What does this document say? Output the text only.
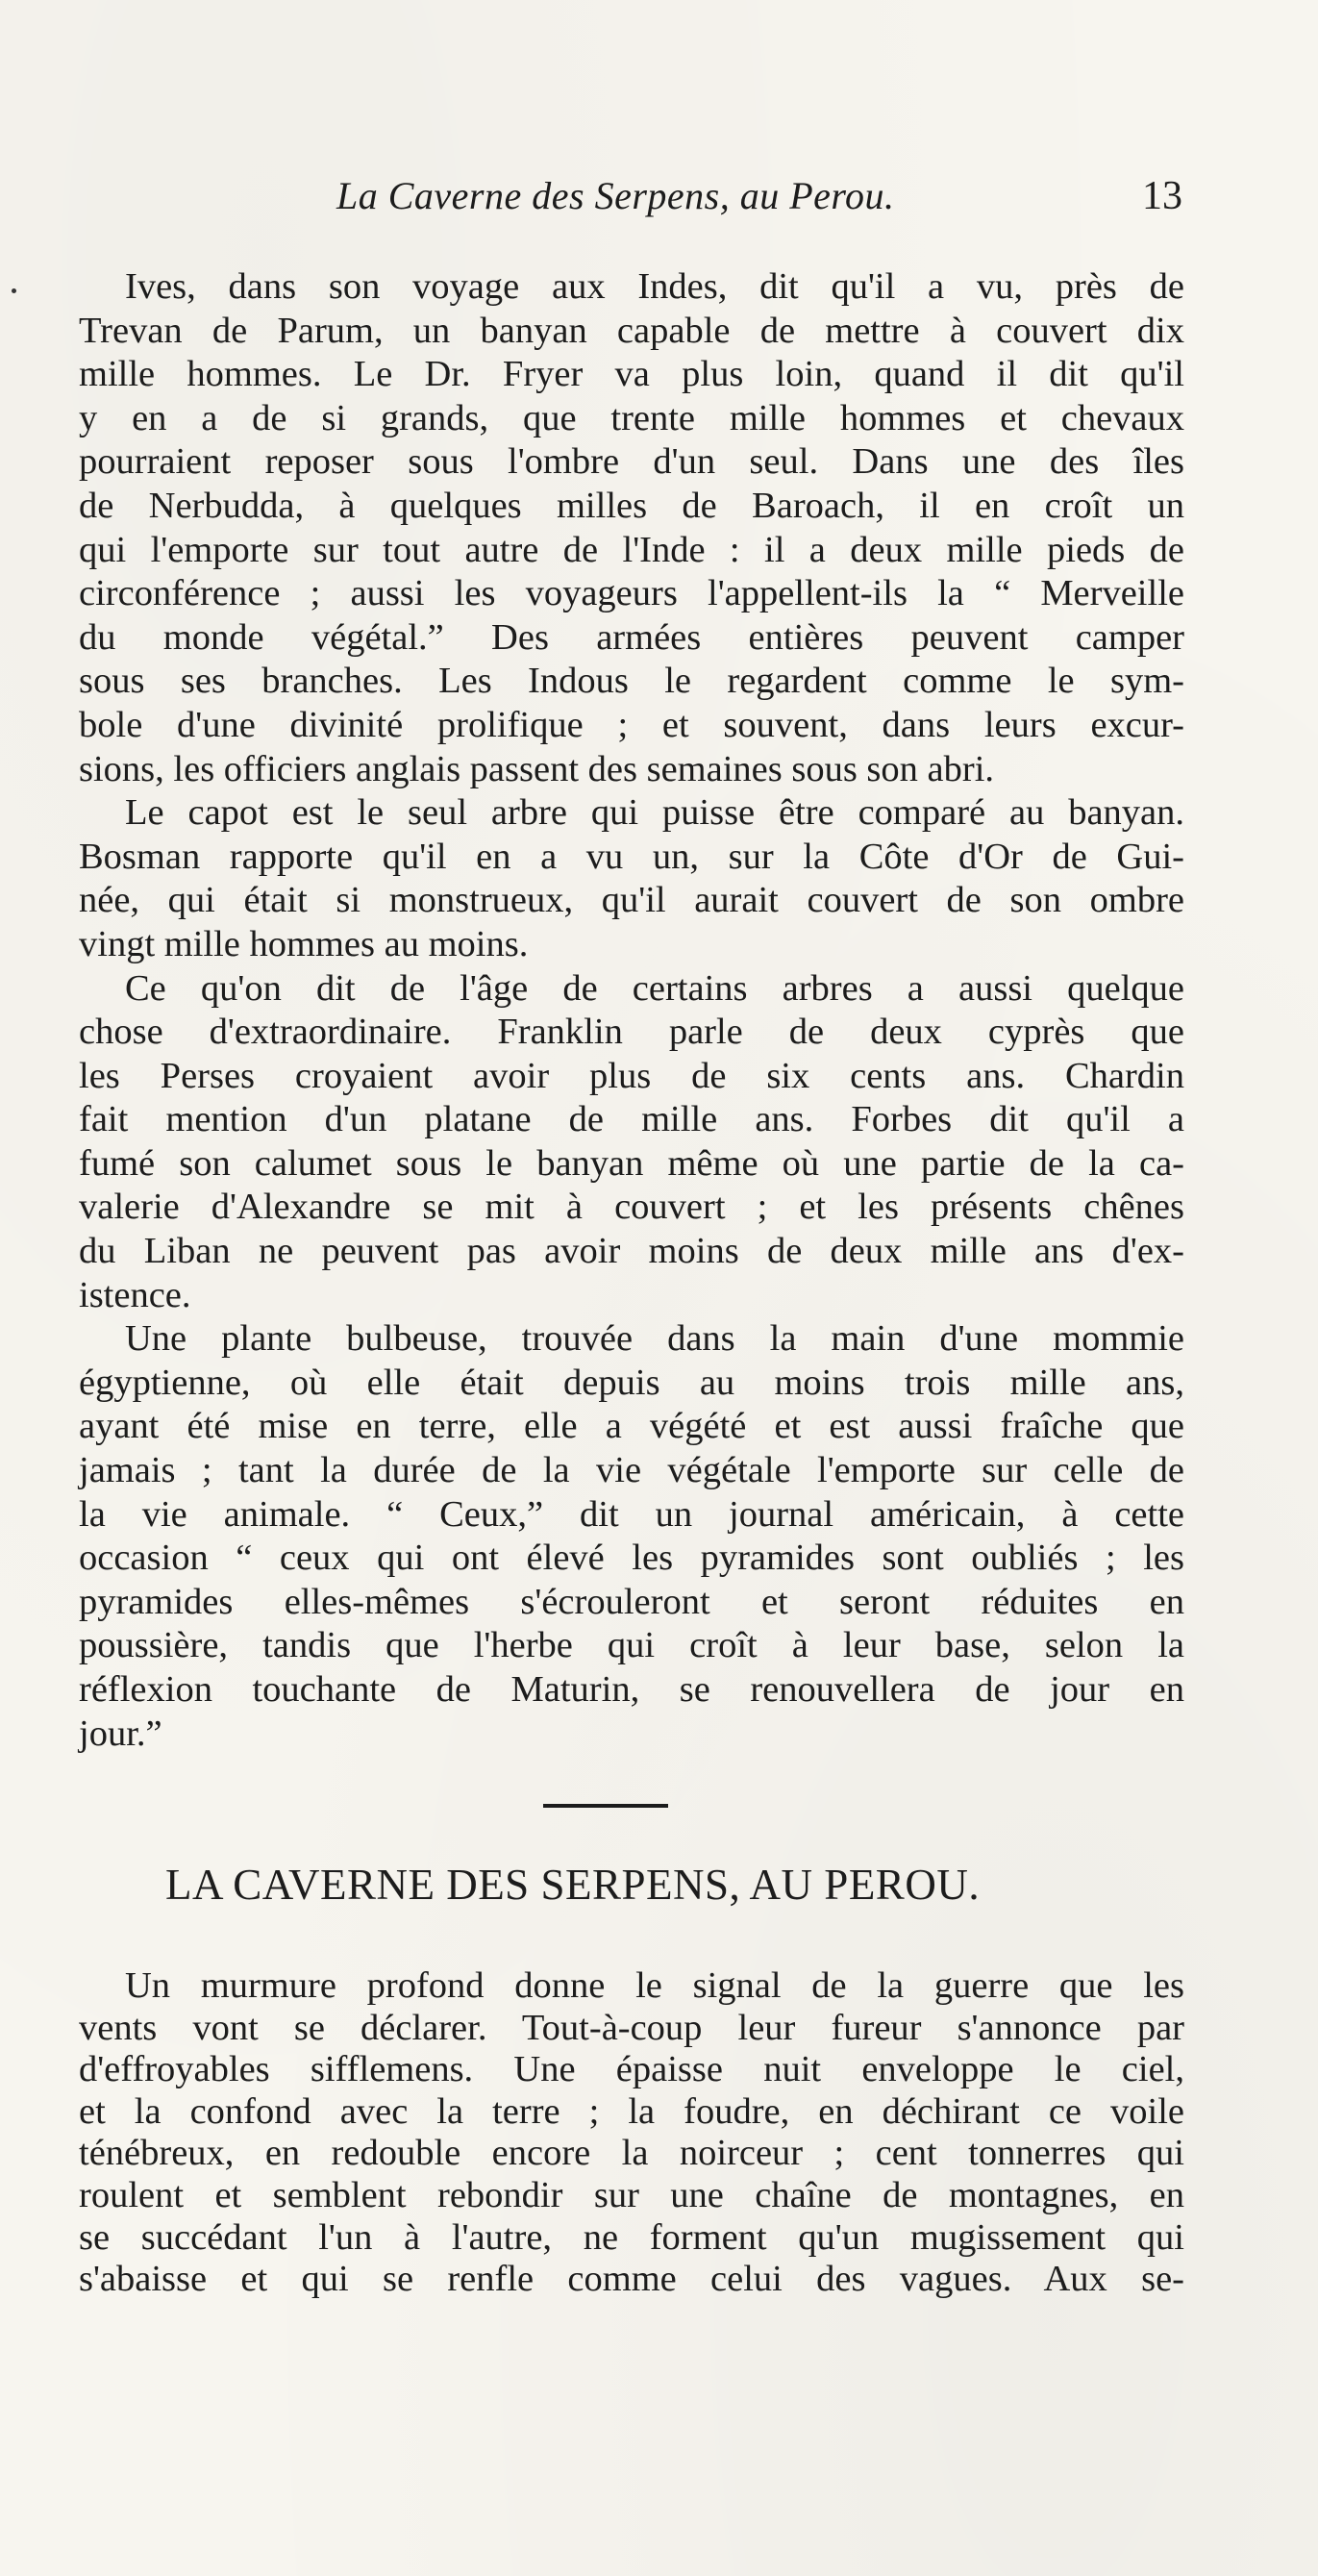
La Caverne des Serpens, au Perou.	13
Ives, dans son voyage aux Indes, dit qu'il a vu, près de
Trevan de Parum, un banyan capable de mettre à couvert dix
mille hommes. Le Dr. Fryer va plus loin, quand il dit qu'il
y en a de si grands, que trente mille hommes et chevaux
pourraient reposer sous l'ombre d'un seul. Dans une des îles
de Nerbudda, à quelques milles de Baroach, il en croît un
qui l'emporte sur tout autre de l'Inde : il a deux mille pieds de
circonférence ; aussi les voyageurs l'appellent-ils la “ Merveille
du monde végétal.” Des armées entières peuvent camper
sous ses branches. Les Indous le regardent comme le sym-
bole d'une divinité prolifique ; et souvent, dans leurs excur-
sions, les officiers anglais passent des semaines sous son abri.
Le capot est le seul arbre qui puisse être comparé au banyan.
Bosman rapporte qu'il en a vu un, sur la Côte d'Or de Gui-
née, qui était si monstrueux, qu'il aurait couvert de son ombre
vingt mille hommes au moins.
Ce qu'on dit de l'âge de certains arbres a aussi quelque
chose d'extraordinaire. Franklin parle de deux cyprès que
les Perses croyaient avoir plus de six cents ans. Chardin
fait mention d'un platane de mille ans. Forbes dit qu'il a
fumé son calumet sous le banyan même où une partie de la ca-
valerie d'Alexandre se mit à couvert ; et les présents chênes
du Liban ne peuvent pas avoir moins de deux mille ans d'ex-
istence.
Une plante bulbeuse, trouvée dans la main d'une mommie
égyptienne, où elle était depuis au moins trois mille ans,
ayant été mise en terre, elle a végété et est aussi fraîche que
jamais ; tant la durée de la vie végétale l'emporte sur celle de
la vie animale. “ Ceux,” dit un journal américain, à cette
occasion “ ceux qui ont élevé les pyramides sont oubliés ; les
pyramides elles-mêmes s'écrouleront et seront réduites en
poussière, tandis que l'herbe qui croît à leur base, selon la
réflexion touchante de Maturin, se renouvellera de jour en
jour.”
LA CAVERNE DES SERPENS, AU PEROU.
Un murmure profond donne le signal de la guerre que les
vents vont se déclarer. Tout-à-coup leur fureur s'annonce par
d'effroyables sifflemens. Une épaisse nuit enveloppe le ciel,
et la confond avec la terre ; la foudre, en déchirant ce voile
ténébreux, en redouble encore la noirceur ; cent tonnerres qui
roulent et semblent rebondir sur une chaîne de montagnes, en
se succédant l'un à l'autre, ne forment qu'un mugissement qui
s'abaisse et qui se renfle comme celui des vagues. Aux se-
